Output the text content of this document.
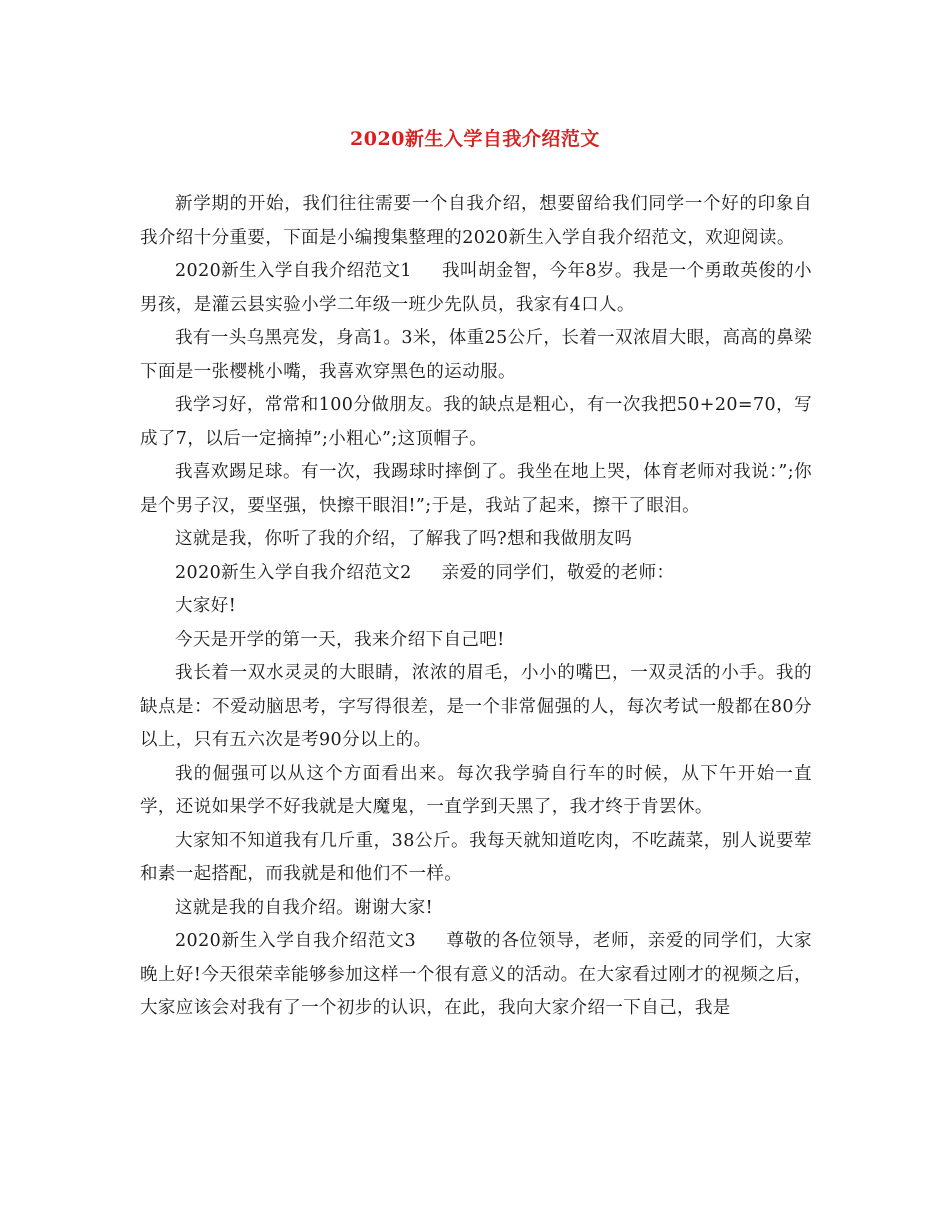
2020新生入学自我介绍范文

新学期的开始，我们往往需要一个自我介绍，想要留给我们同学一个好的印象自我介绍十分重要，下面是小编搜集整理的2020新生入学自我介绍范文，欢迎阅读。

2020新生入学自我介绍范文1 我叫胡金智，今年8岁。我是一个勇敢英俊的小男孩，是灌云县实验小学二年级一班少先队员，我家有4口人。

我有一头乌黑亮发，身高1。3米，体重25公斤，长着一双浓眉大眼，高高的鼻梁下面是一张樱桃小嘴，我喜欢穿黑色的运动服。

我学习好，常常和100分做朋友。我的缺点是粗心，有一次我把50+20=70，写成了7，以后一定摘掉”;小粗心”;这顶帽子。

我喜欢踢足球。有一次，我踢球时摔倒了。我坐在地上哭，体育老师对我说：”;你是个男子汉，要坚强，快擦干眼泪!”;于是，我站了起来，擦干了眼泪。

这就是我，你听了我的介绍，了解我了吗?想和我做朋友吗

2020新生入学自我介绍范文2 亲爱的同学们，敬爱的老师：

大家好!

今天是开学的第一天，我来介绍下自己吧!

我长着一双水灵灵的大眼睛，浓浓的眉毛，小小的嘴巴，一双灵活的小手。我的缺点是：不爱动脑思考，字写得很差，是一个非常倔强的人，每次考试一般都在80分以上，只有五六次是考90分以上的。

我的倔强可以从这个方面看出来。每次我学骑自行车的时候，从下午开始一直学，还说如果学不好我就是大魔鬼，一直学到天黑了，我才终于肯罢休。

大家知不知道我有几斤重，38公斤。我每天就知道吃肉，不吃蔬菜，别人说要荤和素一起搭配，而我就是和他们不一样。

这就是我的自我介绍。谢谢大家!

2020新生入学自我介绍范文3 尊敬的各位领导，老师，亲爱的同学们，大家晚上好!今天很荣幸能够参加这样一个很有意义的活动。在大家看过刚才的视频之后，大家应该会对我有了一个初步的认识，在此，我向大家介绍一下自己，我是
